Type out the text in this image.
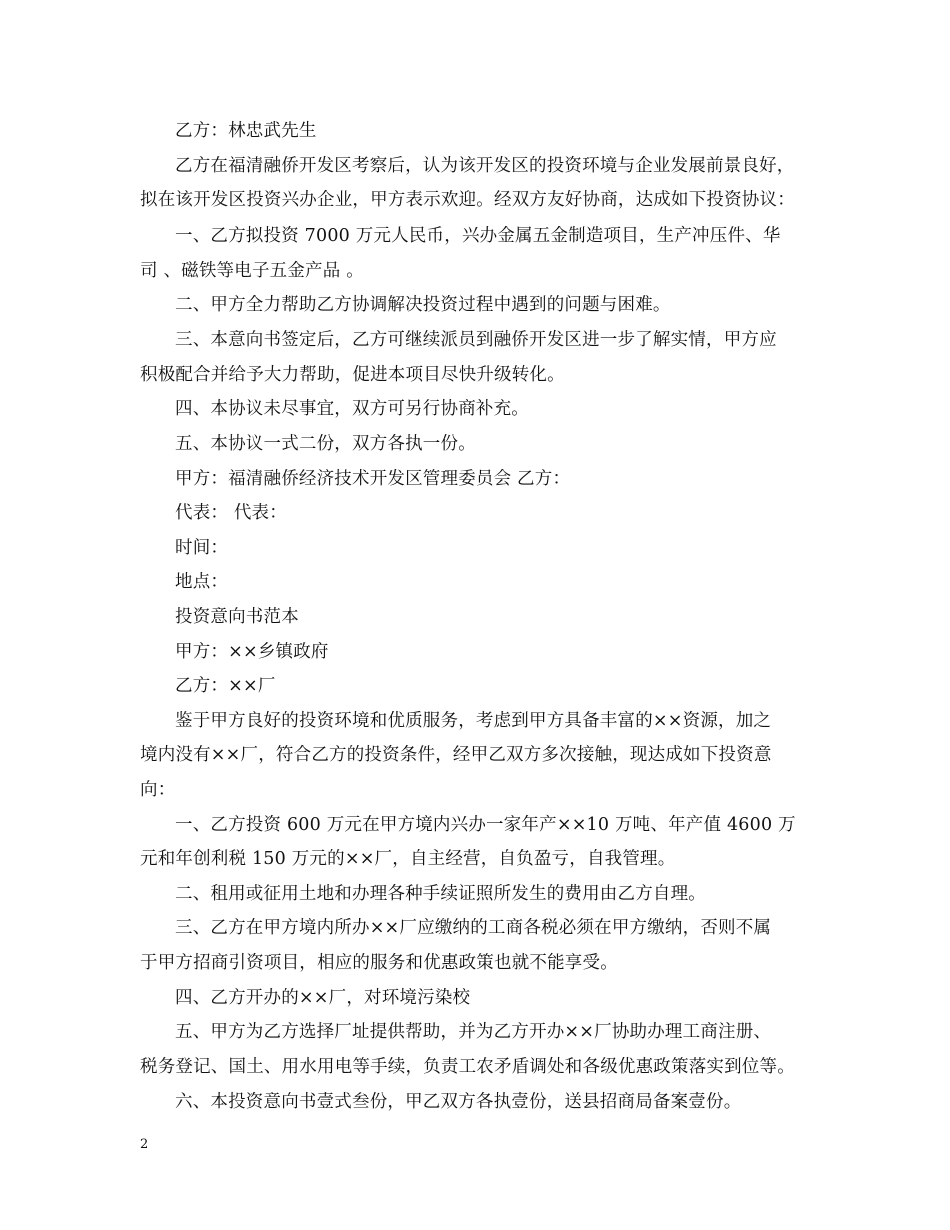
乙方：林忠武先生
乙方在福清融侨开发区考察后，认为该开发区的投资环境与企业发展前景良好，
拟在该开发区投资兴办企业，甲方表示欢迎。经双方友好协商，达成如下投资协议：
一、乙方拟投资 7000 万元人民币，兴办金属五金制造项目，生产冲压件、华
司 、磁铁等电子五金产品 。
二、甲方全力帮助乙方协调解决投资过程中遇到的问题与困难。
三、本意向书签定后，乙方可继续派员到融侨开发区进一步了解实情，甲方应
积极配合并给予大力帮助，促进本项目尽快升级转化。
四、本协议未尽事宜，双方可另行协商补充。
五、本协议一式二份，双方各执一份。
甲方：福清融侨经济技术开发区管理委员会 乙方：
代表： 代表：
时间：
地点：
投资意向书范本
甲方：××乡镇政府
乙方：××厂
鉴于甲方良好的投资环境和优质服务，考虑到甲方具备丰富的××资源，加之
境内没有××厂，符合乙方的投资条件，经甲乙双方多次接触，现达成如下投资意
向：
一、乙方投资 600 万元在甲方境内兴办一家年产××10 万吨、年产值 4600 万
元和年创利税 150 万元的××厂，自主经营，自负盈亏，自我管理。
二、租用或征用土地和办理各种手续证照所发生的费用由乙方自理。
三、乙方在甲方境内所办××厂应缴纳的工商各税必须在甲方缴纳，否则不属
于甲方招商引资项目，相应的服务和优惠政策也就不能享受。
四、乙方开办的××厂，对环境污染校
五、甲方为乙方选择厂址提供帮助，并为乙方开办××厂协助办理工商注册、
税务登记、国土、用水用电等手续，负责工农矛盾调处和各级优惠政策落实到位等。
六、本投资意向书壹式叁份，甲乙双方各执壹份，送县招商局备案壹份。
2
